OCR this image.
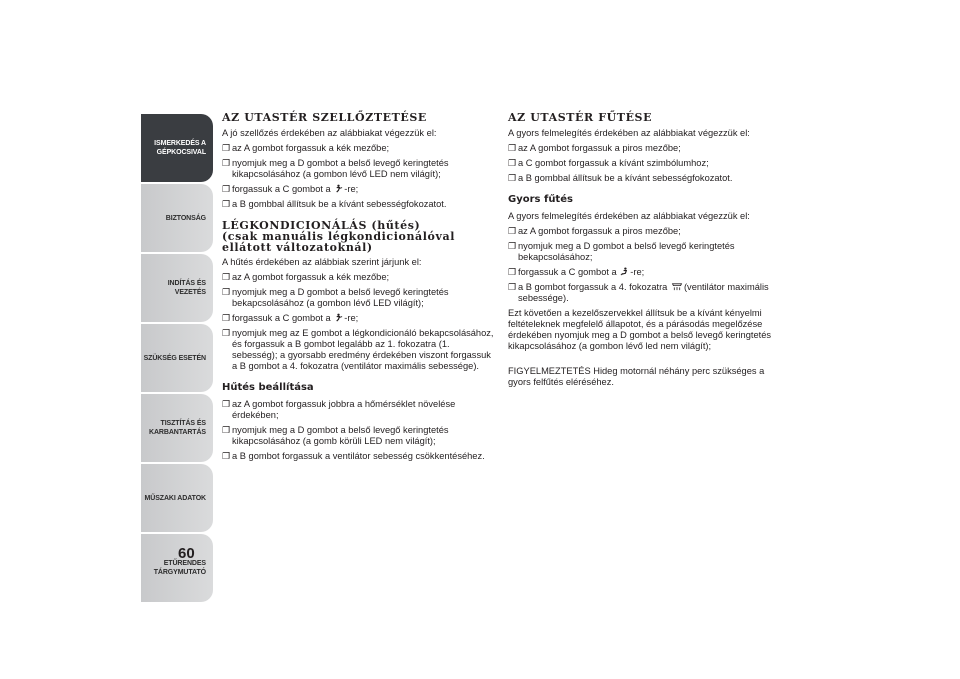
ISMERKEDÉS A
GÉPKOCSIVAL
BIZTONSÁG
INDÍTÁS ÉS VEZETÉS
SZÜKSÉG ESETÉN
TISZTÍTÁS ÉS
KARBANTARTÁS
MŰSZAKI ADATOK
ETŰRENDES
TÁRGYMUTATÓ
60
AZ UTASTÉR SZELLŐZTETÉSE
A jó szellőzés érdekében az alábbiakat végezzük el:
❐ az A gombot forgassuk a kék mezőbe;
❐ nyomjuk meg a D gombot a belső levegő keringtetés kikapcsolásához (a gombon lévő LED nem világít);
❐ forgassuk a C gombot a -re;
❐ a B gombbal állítsuk be a kívánt sebességfokozatot.
LÉGKONDICIONÁLÁS (hűtés)
(csak manuális légkondicionálóval
ellátott változatoknál)
A hűtés érdekében az alábbiak szerint járjunk el:
❐ az A gombot forgassuk a kék mezőbe;
❐ nyomjuk meg a D gombot a belső levegő keringtetés bekapcsolásához (a gombon lévő LED világít);
❐ forgassuk a C gombot a -re;
❐ nyomjuk meg az E gombot a légkondicionáló bekapcsolásához, és forgassuk a B gombot legalább az 1. fokozatra (1. sebesség); a gyorsabb eredmény érdekében viszont forgassuk a B gombot a 4. fokozatra (ventilátor maximális sebessége).
Hűtés beállítása
❐ az A gombot forgassuk jobbra a hőmérséklet növelése érdekében;
❐ nyomjuk meg a D gombot a belső levegő keringtetés kikapcsolásához (a gomb körüli LED nem világít);
❐ a B gombot forgassuk a ventilátor sebesség csökkentéséhez.
AZ UTASTÉR FŰTÉSE
A gyors felmelegítés érdekében az alábbiakat végezzük el:
❐ az A gombot forgassuk a piros mezőbe;
❐ a C gombot forgassuk a kívánt szimbólumhoz;
❐ a B gombbal állítsuk be a kívánt sebességfokozatot.
Gyors fűtés
A gyors felmelegítés érdekében az alábbiakat végezzük el:
❐ az A gombot forgassuk a piros mezőbe;
❐ nyomjuk meg a D gombot a belső levegő keringtetés bekapcsolásához;
❐ forgassuk a C gombot a -re;
❐ a B gombot forgassuk a 4. fokozatra (ventilátor maximális sebessége).
Ezt követően a kezelőszervekkel állítsuk be a kívánt kényelmi feltételeknek megfelelő állapotot, és a párásodás megelőzése érdekében nyomjuk meg a D gombot a belső levegő keringtetés kikapcsolásához (a gombon lévő led nem világít);
FIGYELMEZTETÉS Hideg motornál néhány perc szükséges a gyors felfűtés eléréséhez.
